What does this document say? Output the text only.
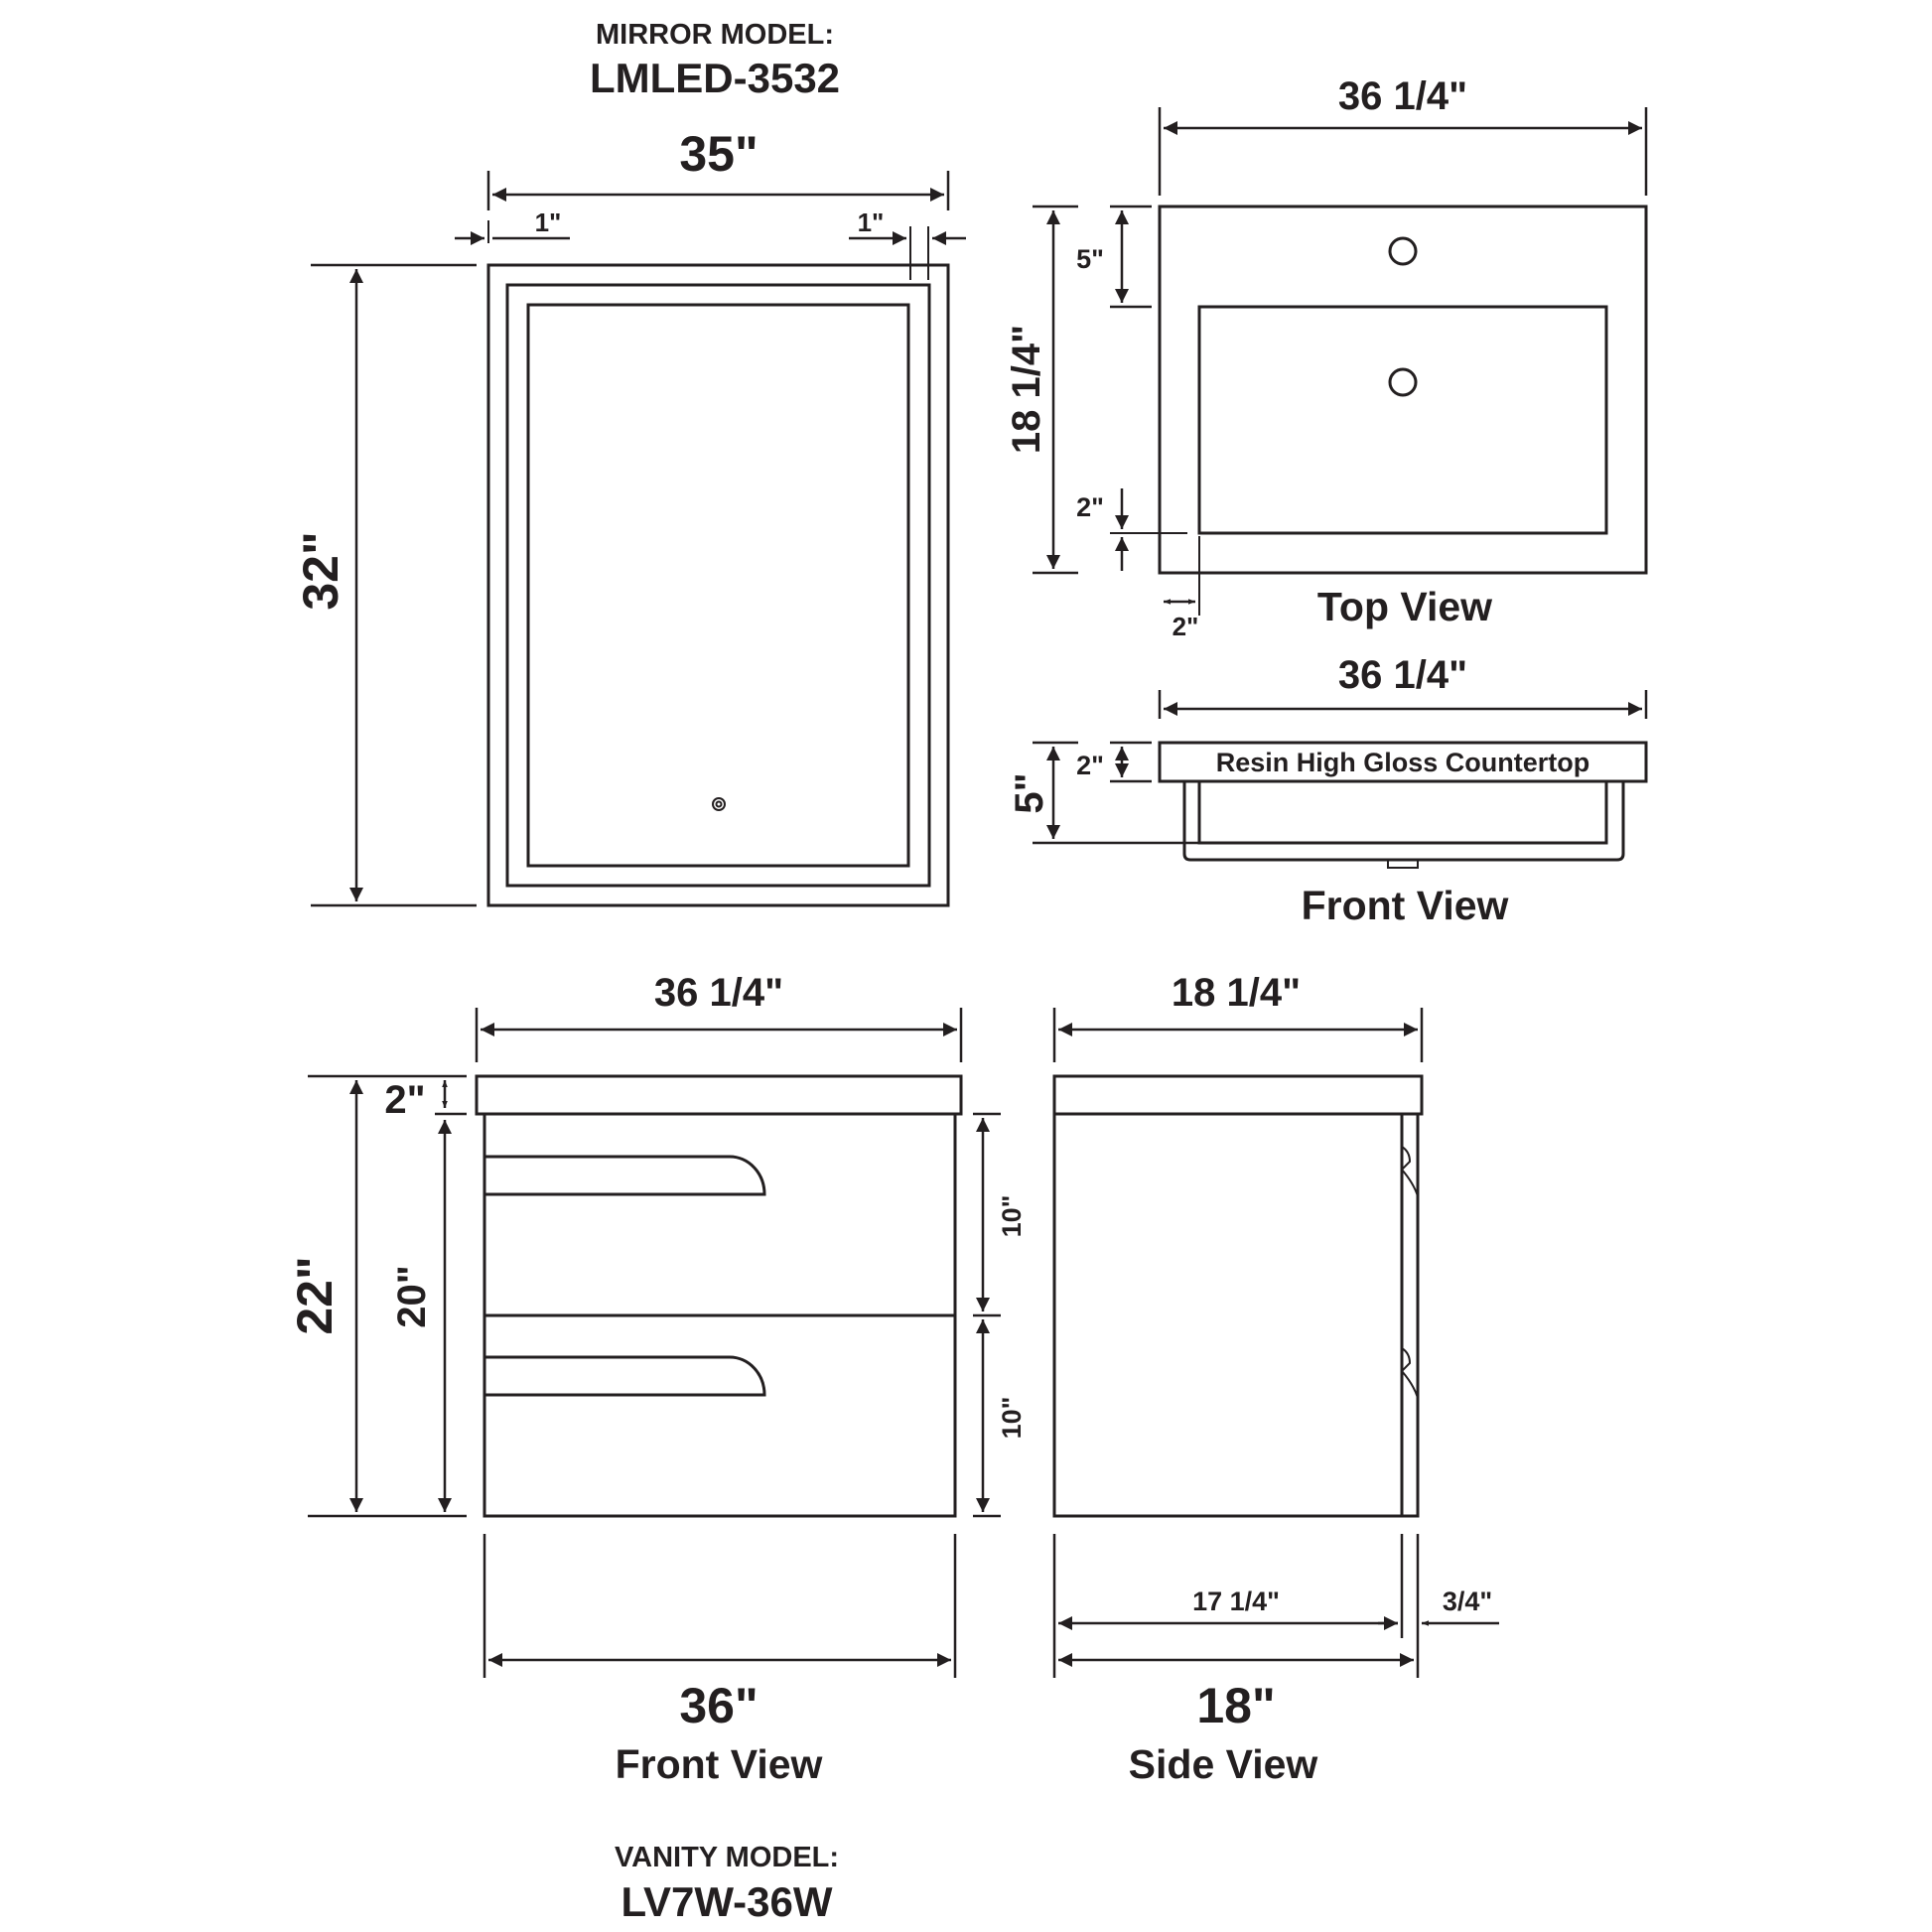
MIRROR MODEL:
LMLED-3532
35"
1"	1"
32"
36 1/4"
18 1/4"
5"
2"
2"	Top View
36 1/4"
2"
5"
Resin High Gloss Countertop
Front View
36 1/4"
22"
2"
20"
10"
10"
36"
Front View
18 1/4"
17 1/4"	3/4"
18"
Side View
VANITY MODEL:
LV7W-36W
